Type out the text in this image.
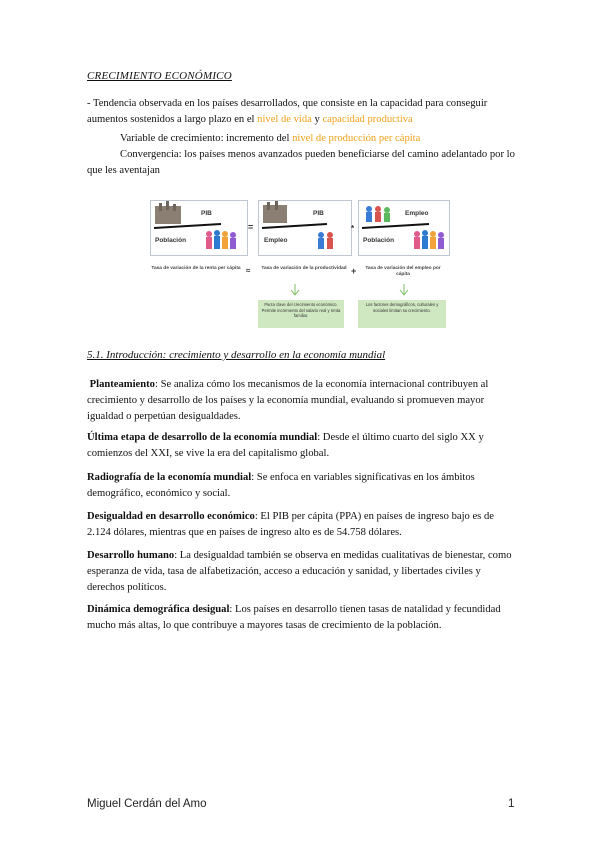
CRECIMIENTO ECONÓMICO
- Tendencia observada en los países desarrollados, que consiste en la capacidad para conseguir aumentos sostenidos a largo plazo en el nivel de vida y capacidad productiva
Variable de crecimiento: incremento del nivel de producción per cápita
Convergencia: los países menos avanzados pueden beneficiarse del camino adelantado por lo que les aventajan
PIB
Población
=
PIB
Empleo
*
Empleo
Población
Tasa de variación de la renta per cápita ≈ Tasa de variación de la productividad +	Tasa de variación del empleo por cápita
Pieza clave del crecimiento económico. Permite incremento del salario real y renta familiar.
Los factores demográficos, culturales y sociales limitan su crecimiento.
5.1. Introducción: crecimiento y desarrollo en la economía mundial
Planteamiento: Se analiza cómo los mecanismos de la economía internacional contribuyen al crecimiento y desarrollo de los países y la economía mundial, evaluando si promueven mayor igualdad o perpetúan desigualdades.
Última etapa de desarrollo de la economía mundial: Desde el último cuarto del siglo XX y comienzos del XXI, se vive la era del capitalismo global.
Radiografía de la economía mundial: Se enfoca en variables significativas en los ámbitos demográfico, económico y social.
Desigualdad en desarrollo económico: El PIB per cápita (PPA) en países de ingreso bajo es de 2.124 dólares, mientras que en países de ingreso alto es de 54.758 dólares.
Desarrollo humano: La desigualdad también se observa en medidas cualitativas de bienestar, como esperanza de vida, tasa de alfabetización, acceso a educación y sanidad, y libertades civiles y derechos políticos.
Dinámica demográfica desigual: Los países en desarrollo tienen tasas de natalidad y fecundidad mucho más altas, lo que contribuye a mayores tasas de crecimiento de la población.
Miguel Cerdán del Amo	1
